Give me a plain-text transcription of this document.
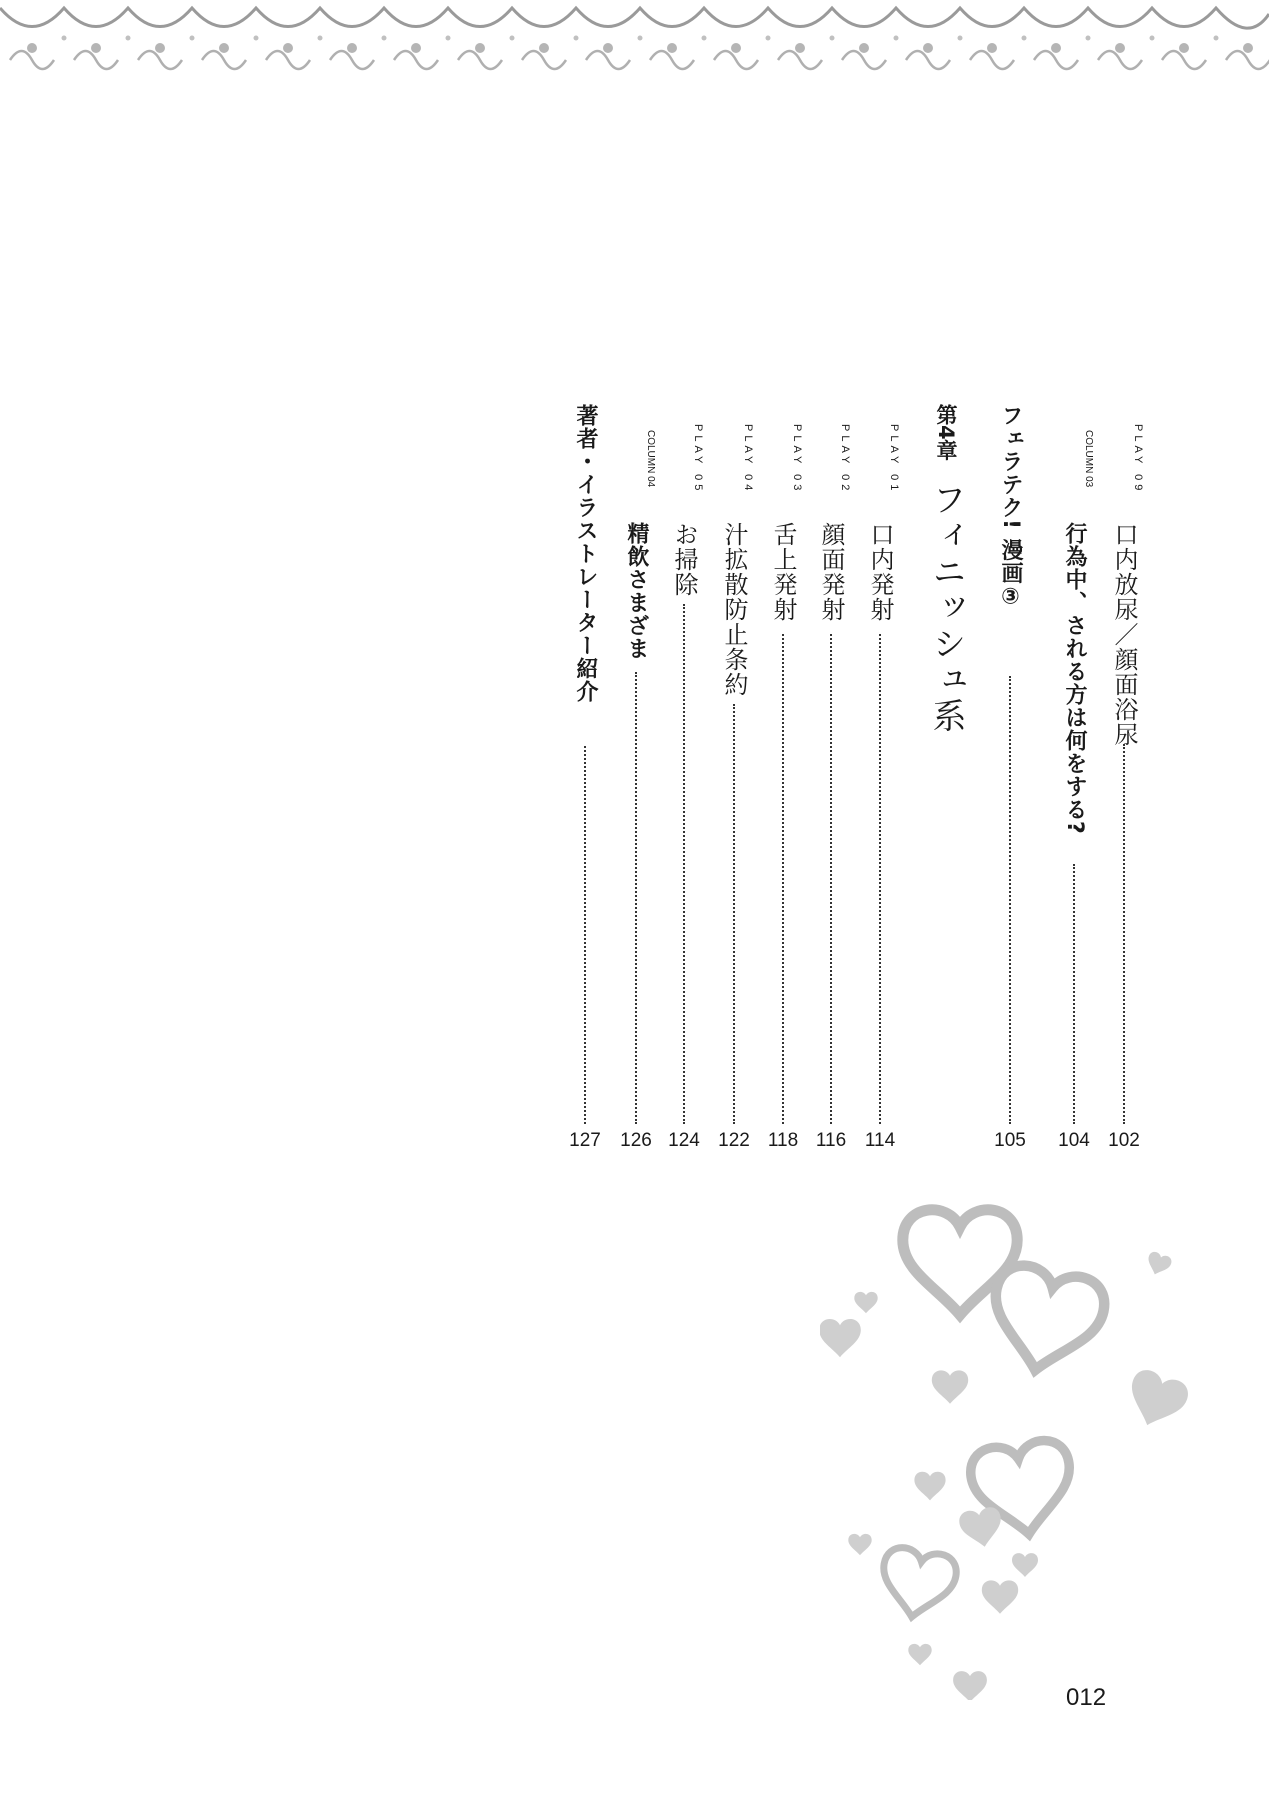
PLAY 09
口内放尿／顔面浴尿
102
COLUMN 03
行為中、される方は何をする?
104
フェラテク! 漫画③
105
第4章
フィニッシュ系
PLAY 01
口内発射
114
PLAY 02
顔面発射
116
PLAY 03
舌上発射
118
PLAY 04
汁拡散防止条約
122
PLAY 05
お掃除
124
COLUMN 04
精飲さまざま
126
著者・イラストレーター紹介
127
012
